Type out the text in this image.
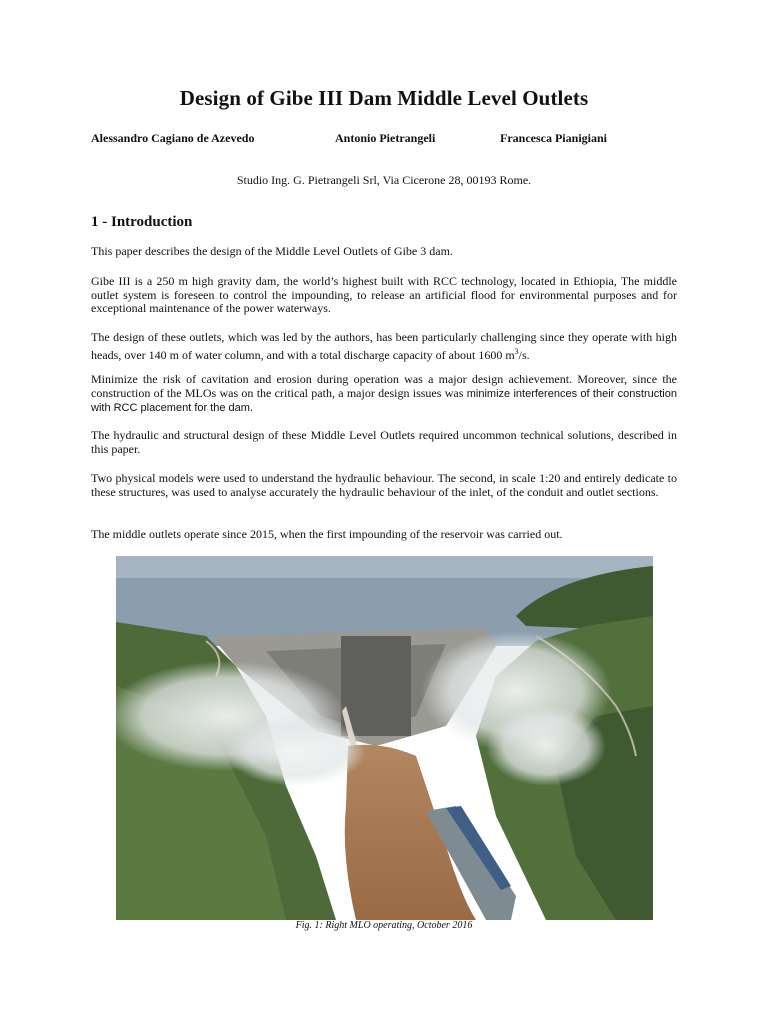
Design of Gibe III Dam Middle Level Outlets
Alessandro Cagiano de Azevedo	Antonio Pietrangeli	Francesca Pianigiani
Studio Ing. G. Pietrangeli Srl, Via Cicerone 28, 00193 Rome.
1 - Introduction

This paper describes the design of the Middle Level Outlets of Gibe 3 dam.

Gibe III is a 250 m high gravity dam, the world’s highest built with RCC technology, located in Ethiopia, The middle outlet system is foreseen to control the impounding, to release an artificial flood for environmental purposes and for exceptional maintenance of the power waterways.

The design of these outlets, which was led by the authors, has been particularly challenging since they operate with high heads, over 140 m of water column, and with a total discharge capacity of about 1600 $m^3/s$.

Minimize the risk of cavitation and erosion during operation was a major design achievement. Moreover, since the construction of the MLOs was on the critical path, a major design issues was minimize interferences of their construction with RCC placement for the dam.

The hydraulic and structural design of these Middle Level Outlets required uncommon technical solutions, described in this paper.

Two physical models were used to understand the hydraulic behaviour. The second, in scale 1:20 and entirely dedicate to these structures, was used to analyse accurately the hydraulic behaviour of the inlet, of the conduit and outlet sections.

The middle outlets operate since 2015, when the first impounding of the reservoir was carried out.

Fig. 1: Right MLO operating, October 2016
